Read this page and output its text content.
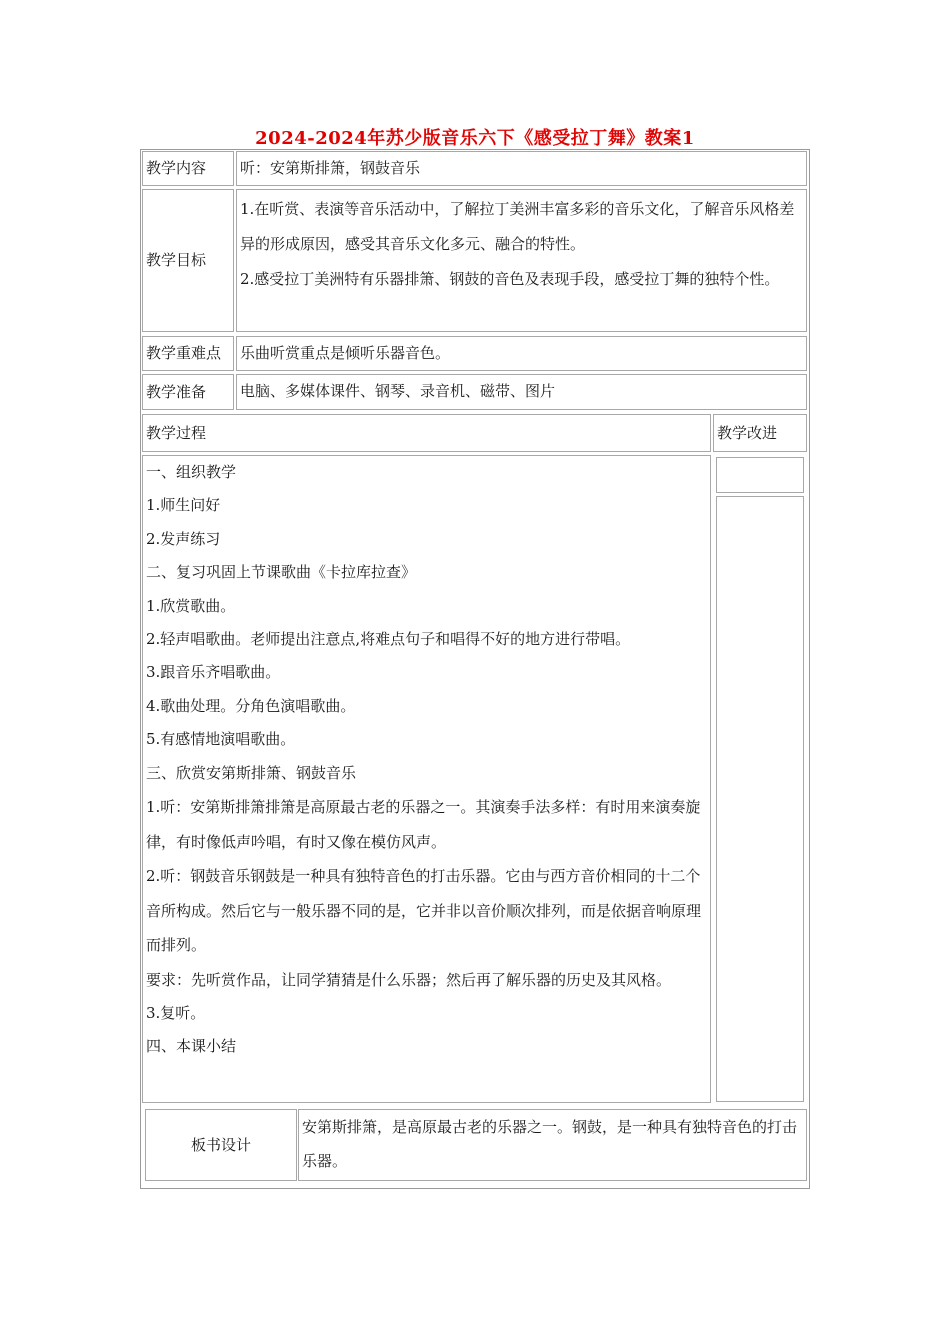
2024-2024年苏少版音乐六下《感受拉丁舞》教案1
教学内容 听：安第斯排箫，钢鼓音乐
教学目标

1.在听赏、表演等音乐活动中，了解拉丁美洲丰富多彩的音乐文化，了解音乐风格差异的形成原因，感受其音乐文化多元、融合的特性。

2.感受拉丁美洲特有乐器排箫、钢鼓的音色及表现手段，感受拉丁舞的独特个性。

教学重难点 乐曲听赏重点是倾听乐器音色。
教学准备 电脑、多媒体课件、钢琴、录音机、磁带、图片
教学过程	教学改进

一、组织教学

1.师生问好

2.发声练习

二、复习巩固上节课歌曲《卡拉库拉查》

1.欣赏歌曲。

2.轻声唱歌曲。老师提出注意点,将难点句子和唱得不好的地方进行带唱。

3.跟音乐齐唱歌曲。

4.歌曲处理。分角色演唱歌曲。

5.有感情地演唱歌曲。

三、欣赏安第斯排箫、钢鼓音乐

1.听：安第斯排箫排箫是高原最古老的乐器之一。其演奏手法多样：有时用来演奏旋律，有时像低声吟唱，有时又像在模仿风声。

2.听：钢鼓音乐钢鼓是一种具有独特音色的打击乐器。它由与西方音价相同的十二个音所构成。然后它与一般乐器不同的是，它并非以音价顺次排列，而是依据音响原理而排列。

要求：先听赏作品，让同学猜猜是什么乐器；然后再了解乐器的历史及其风格。

3.复听。

四、本课小结

板书设计
安第斯排箫，是高原最古老的乐器之一。钢鼓，是一种具有独特音色的打击乐器。
